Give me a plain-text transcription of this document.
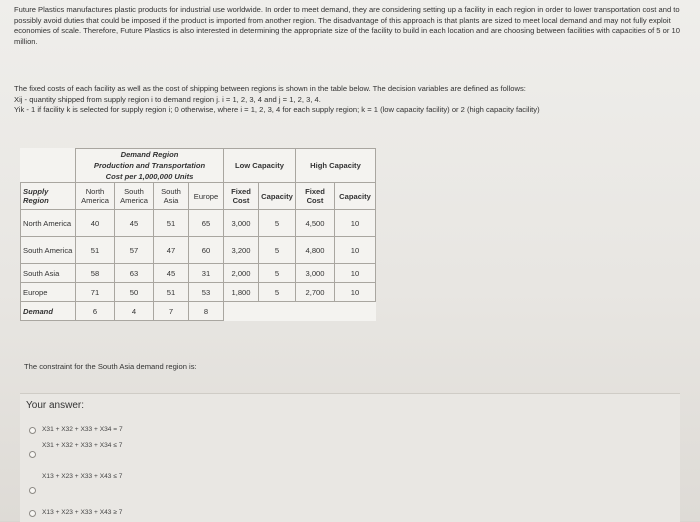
Future Plastics manufactures plastic products for industrial use worldwide. In order to meet demand, they are considering setting up a facility in each region in order to lower transportation cost and to possibly avoid duties that could be imposed if the product is imported from another region. The disadvantage of this approach is that plants are sized to meet local demand and may not fully exploit economies of scale. Therefore, Future Plastics is also interested in determining the appropriate size of the facility to build in each location and are choosing between facilities with capacities of 5 or 10 million.
The fixed costs of each facility as well as the cost of shipping between regions is shown in the table below. The decision variables are defined as follows:
Xij - quantity shipped from supply region i to demand region j. i = 1, 2, 3, 4 and j = 1, 2, 3, 4.
Yik - 1 if facility k is selected for supply region i; 0 otherwise, where i = 1, 2, 3, 4 for each supply region; k = 1 (low capacity facility) or 2 (high capacity facility)

	Demand Region
Production and Transportation
Cost per 1,000,000 Units				Low Capacity		High Capacity	
Supply Region	North America	South America	South Asia	Europe	Fixed Cost	Capacity	Fixed Cost	Capacity
North America	40	45	51	65	3,000	5	4,500	10
South America	51	57	47	60	3,200	5	4,800	10
South Asia	58	63	45	31	2,000	5	3,000	10
Europe	71	50	51	53	1,800	5	2,700	10
Demand	6	4	7	8				
The constraint for the South Asia demand region is:
Your answer:
X31 + X32 + X33 + X34 = 7
X31 + X32 + X33 + X34 ≤ 7
X13 + X23 + X33 + X43 ≤ 7
X13 + X23 + X33 + X43 ≥ 7
